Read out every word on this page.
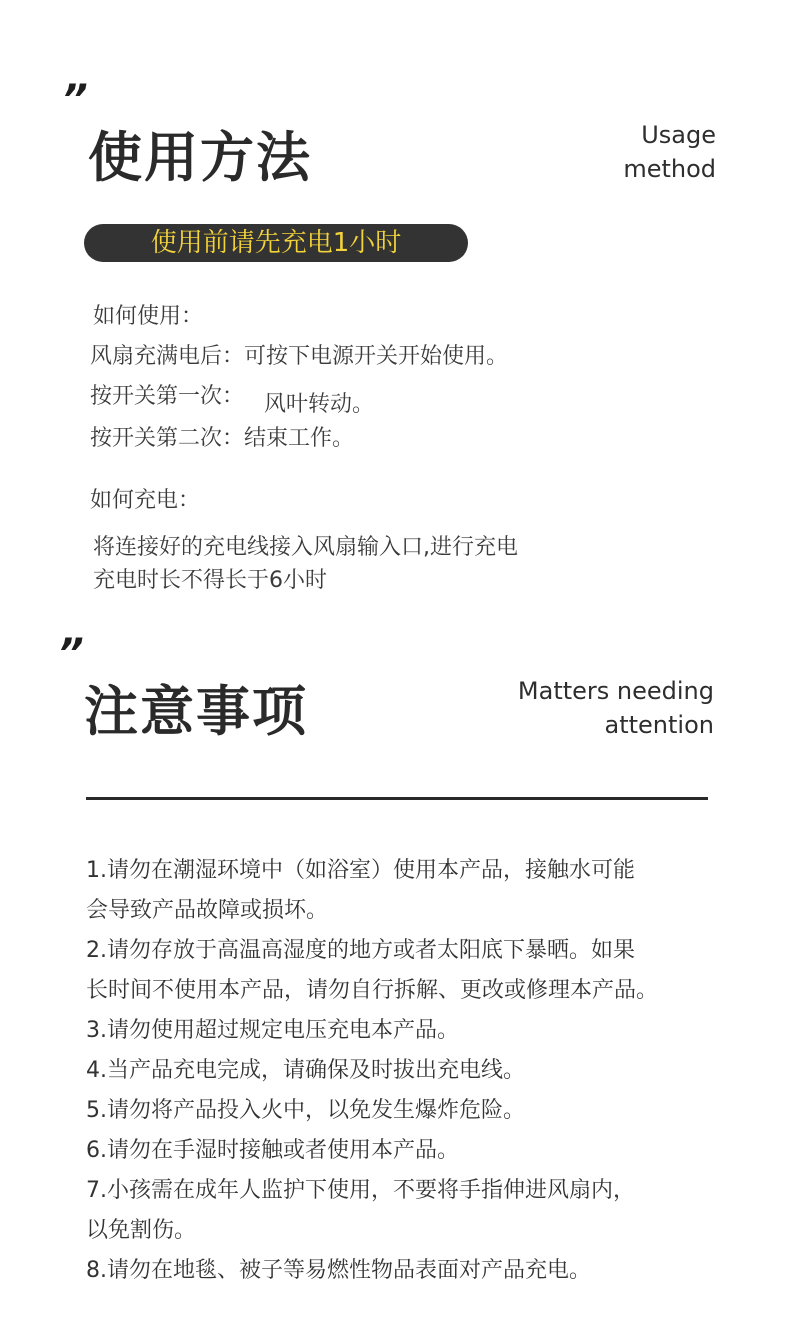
”
使用方法	Usage
method
使用前请先充电1小时
如何使用：
风扇充满电后：可按下电源开关开始使用。
按开关第一次： 风叶转动。
按开关第二次：结束工作。
如何充电：
将连接好的充电线接入风扇输入口,进行充电
充电时长不得长于6小时
”
注意事项	Matters needing
attention
1.请勿在潮湿环境中（如浴室）使用本产品，接触水可能
会导致产品故障或损坏。
2.请勿存放于高温高湿度的地方或者太阳底下暴晒。如果
长时间不使用本产品，请勿自行拆解、更改或修理本产品。
3.请勿使用超过规定电压充电本产品。
4.当产品充电完成，请确保及时拔出充电线。
5.请勿将产品投入火中，以免发生爆炸危险。
6.请勿在手湿时接触或者使用本产品。
7.小孩需在成年人监护下使用，不要将手指伸进风扇内，
以免割伤。
8.请勿在地毯、被子等易燃性物品表面对产品充电。
